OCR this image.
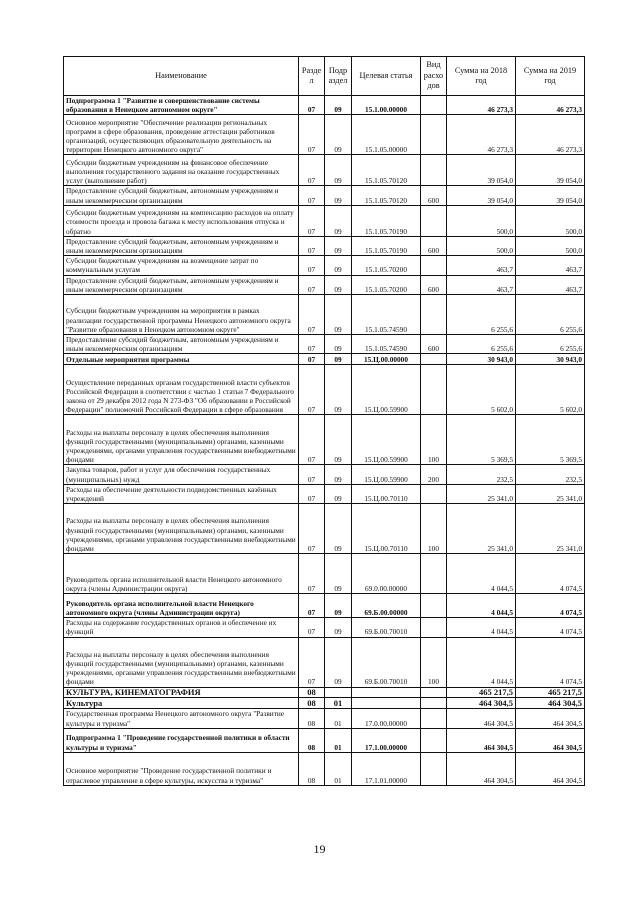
Наименование	Разде л	Подр аздел	Целевая статья	Вид расхо дов	Сумма на 2018 год	Сумма на 2019 год
Подпрограмма 1 "Развитие и совершенствование системы образования в Ненецком автономном округе"	07	09	15.1.00.00000		46 273,3	46 273,3
Основное мероприятие "Обеспечение реализации региональных программ в сфере образования, проведение аттестации работников организаций, осуществляющих образовательную деятельность на территории Ненецкого автономного округа"	07	09	15.1.05.00000		46 273,3	46 273,3
Субсидии бюджетным учреждениям на финансовое обеспечение выполнения государственного задания на оказание государственных услуг (выполнение работ)	07	09	15.1.05.70120		39 054,0	39 054,0
Предоставление субсидий бюджетным, автономным учреждениям и иным некоммерческим организациям	07	09	15.1.05.70120	600	39 054,0	39 054,0
Субсидии бюджетным учреждениям на компенсацию расходов на оплату стоимости проезда и провоза багажа к месту использования отпуска и обратно	07	09	15.1.05.70190		500,0	500,0
Предоставление субсидий бюджетным, автономным учреждениям и иным некоммерческим организациям	07	09	15.1.05.70190	600	500,0	500,0
Субсидии бюджетным учреждениям на возмещение затрат по коммунальным услугам	07	09	15.1.05.70200		463,7	463,7
Предоставление субсидий бюджетным, автономным учреждениям и иным некоммерческим организациям	07	09	15.1.05.70200	600	463,7	463,7
Субсидии бюджетным учреждениям на мероприятия в рамках реализации государственной программы Ненецкого автономного округа "Развитие образования в Ненецком автономном округе"	07	09	15.1.05.74590		6 255,6	6 255,6
Предоставление субсидий бюджетным, автономным учреждениям и иным некоммерческим организациям	07	09	15.1.05.74590	600	6 255,6	6 255,6
Отдельные мероприятия программы	07	09	15.Ц.00.00000		30 943,0	30 943,0
Осуществление переданных органам государственной власти субъектов Российской Федерации в соответствии с частью 1 статьи 7 Федерального закона от 29 декабря 2012 года N 273-ФЗ "Об образовании в Российской Федерации" полномочий Российской Федерации в сфере образования	07	09	15.Ц.00.59900		5 602,0	5 602,0
Расходы на выплаты персоналу в целях обеспечения выполнения функций государственными (муниципальными) органами, казенными учреждениями, органами управления государственными внебюджетными фондами	07	09	15.Ц.00.59900	100	5 369,5	5 369,5
Закупка товаров, работ и услуг для обеспечения государственных (муниципальных) нужд	07	09	15.Ц.00.59900	200	232,5	232,5
Расходы на обеспечение деятельности подведомственных казённых учреждений	07	09	15.Ц.00.70110		25 341,0	25 341,0
Расходы на выплаты персоналу в целях обеспечения выполнения функций государственными (муниципальными) органами, казенными учреждениями, органами управления государственными внебюджетными фондами	07	09	15.Ц.00.70110	100	25 341,0	25 341,0
Руководитель органа исполнительной власти Ненецкого автономного округа (члены Администрации округа)	07	09	69.0.00.00000		4 044,5	4 074,5
Руководитель органа исполнительной власти Ненецкого автономного округа (члены Администрации округа)	07	09	69.Б.00.00000		4 044,5	4 074,5
Расходы на содержание государственных органов и обеспечение их функций	07	09	69.Б.00.70010		4 044,5	4 074,5
Расходы на выплаты персоналу в целях обеспечения выполнения функций государственными (муниципальными) органами, казенными учреждениями, органами управления государственными внебюджетными фондами	07	09	69.Б.00.70010	100	4 044,5	4 074,5
КУЛЬТУРА, КИНЕМАТОГРАФИЯ	08				465 217,5	465 217,5
Культура	08	01			464 304,5	464 304,5
Государственная программа Ненецкого автономного округа "Развитие культуры и туризма"	08	01	17.0.00.00000		464 304,5	464 304,5
Подпрограмма 1 "Проведение государственной политики в области культуры и туризма"	08	01	17.1.00.00000		464 304,5	464 304,5
Основное мероприятие "Проведение государственной политики и отраслевое управление в сфере культуры, искусства и туризма"	08	01	17.1.01.00000		464 304,5	464 304,5
19
